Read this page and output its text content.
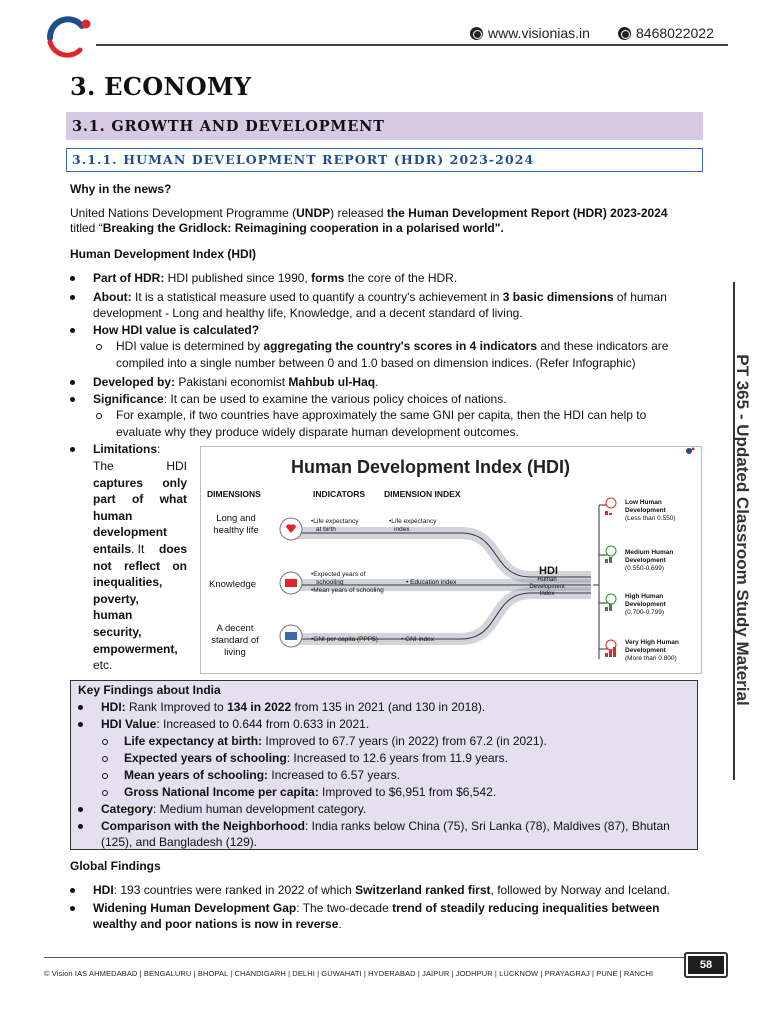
www.visionias.in	8468022022
3. ECONOMY
3.1. GROWTH AND DEVELOPMENT
3.1.1. HUMAN DEVELOPMENT REPORT (HDR) 2023-2024
Why in the news?
United Nations Development Programme (UNDP) released the Human Development Report (HDR) 2023-2024
titled “Breaking the Gridlock: Reimagining cooperation in a polarised world".
Human Development Index (HDI)
Part of HDR: HDI published since 1990, forms the core of the HDR.
About: It is a statistical measure used to quantify a country's achievement in 3 basic dimensions of human
development - Long and healthy life, Knowledge, and a decent standard of living.
How HDI value is calculated?
HDI value is determined by aggregating the country's scores in 4 indicators and these indicators are
compiled into a single number between 0 and 1.0 based on dimension indices. (Refer Infographic)
Developed by: Pakistani economist Mahbub ul-Haq.
Significance: It can be used to examine the various policy choices of nations.
For example, if two countries have approximately the same GNI per capita, then the HDI can help to
evaluate why they produce widely disparate human development outcomes.
Limitations:
The	HDI
captures only
part of what
human
development
entails. It does
not reflect on
inequalities,
poverty,
human
security,
empowerment,
etc.
Human Development Index (HDI)
DIMENSIONS	INDICATORS DIMENSION INDEX
Long and
healthy life
Knowledge
A decent
standard of
living
•Life expectancy
at birth
•Expected years of
schooling
•Mean years of schooling
•GNI per capita (PPP$)
•Life expectancy
index
• Education index
• GNI index
HDI
Human
Development
Index
Low Human
Development
(Less than 0.550)
Medium Human
Development
(0.550-0.699)
High Human
Development
(0.700-0.799)
Very High Human
Development
(More than 0.800)
Key Findings about India
HDI: Rank Improved to 134 in 2022 from 135 in 2021 (and 130 in 2018).
HDI Value: Increased to 0.644 from 0.633 in 2021.
Life expectancy at birth: Improved to 67.7 years (in 2022) from 67.2 (in 2021).
Expected years of schooling: Increased to 12.6 years from 11.9 years.
Mean years of schooling: Increased to 6.57 years.
Gross National Income per capita: Improved to $6,951 from $6,542.
Category: Medium human development category.
Comparison with the Neighborhood: India ranks below China (75), Sri Lanka (78), Maldives (87), Bhutan
(125), and Bangladesh (129).
Global Findings
HDI: 193 countries were ranked in 2022 of which Switzerland ranked first, followed by Norway and Iceland.
Widening Human Development Gap: The two-decade trend of steadily reducing inequalities between
wealthy and poor nations is now in reverse.
PT 365 - Updated Classroom Study Material
© Vision IAS AHMEDABAD | BENGALURU | BHOPAL | CHANDIGARH | DELHI | GUWAHATI | HYDERABAD | JAIPUR | JODHPUR | LUCKNOW | PRAYAGRAJ | PUNE | RANCHI
58
